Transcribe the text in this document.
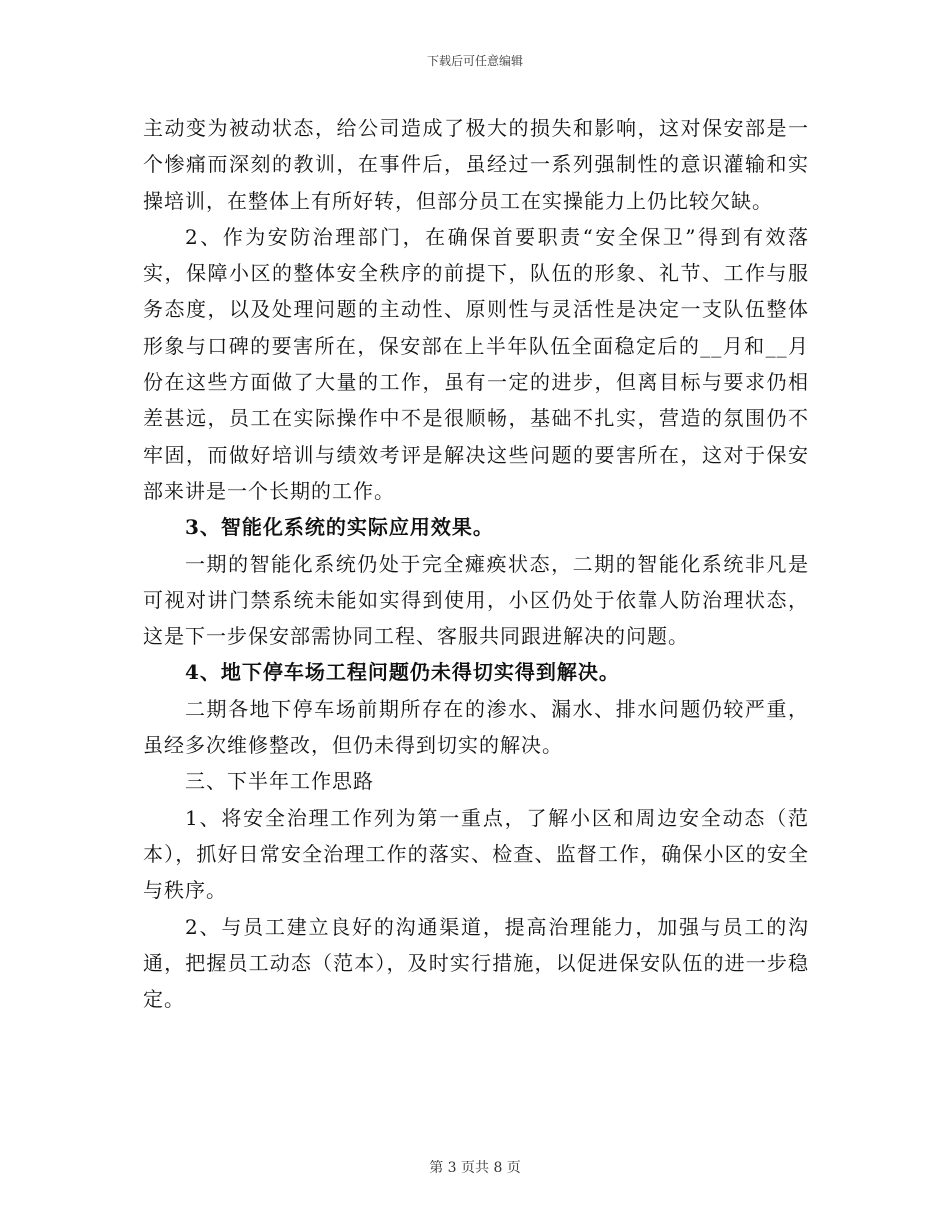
下载后可任意编辑

主动变为被动状态，给公司造成了极大的损失和影响，这对保安部是一个惨痛而深刻的教训，在事件后，虽经过一系列强制性的意识灌输和实操培训，在整体上有所好转，但部分员工在实操能力上仍比较欠缺。

2、作为安防治理部门，在确保首要职责“安全保卫”得到有效落实，保障小区的整体安全秩序的前提下，队伍的形象、礼节、工作与服务态度，以及处理问题的主动性、原则性与灵活性是决定一支队伍整体形象与口碑的要害所在，保安部在上半年队伍全面稳定后的__月和__月份在这些方面做了大量的工作，虽有一定的进步，但离目标与要求仍相差甚远，员工在实际操作中不是很顺畅，基础不扎实，营造的氛围仍不牢固，而做好培训与绩效考评是解决这些问题的要害所在，这对于保安部来讲是一个长期的工作。

3、智能化系统的实际应用效果。

一期的智能化系统仍处于完全瘫痪状态，二期的智能化系统非凡是可视对讲门禁系统未能如实得到使用，小区仍处于依靠人防治理状态，这是下一步保安部需协同工程、客服共同跟进解决的问题。

4、地下停车场工程问题仍未得切实得到解决。

二期各地下停车场前期所存在的渗水、漏水、排水问题仍较严重，虽经多次维修整改，但仍未得到切实的解决。

三、下半年工作思路

1、将安全治理工作列为第一重点，了解小区和周边安全动态（范本），抓好日常安全治理工作的落实、检查、监督工作，确保小区的安全与秩序。

2、与员工建立良好的沟通渠道，提高治理能力，加强与员工的沟通，把握员工动态（范本），及时实行措施，以促进保安队伍的进一步稳定。

第 3 页共 8 页
